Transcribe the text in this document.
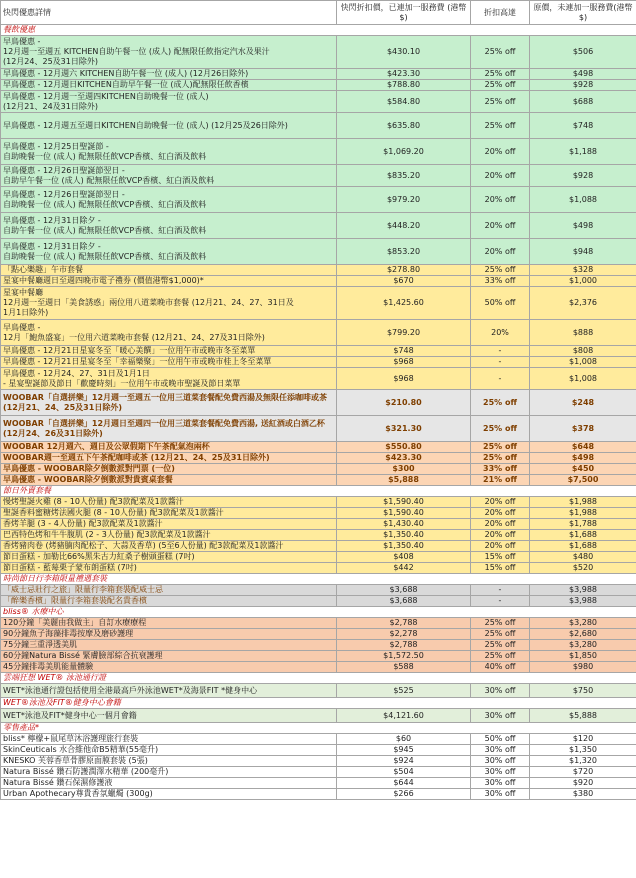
快閃優惠詳情	快閃折扣價，已連加一服務費 (港幣$)	折扣高達	原價，未連加一服務費(港幣$)
餐飲優惠			
早鳥優惠 -
12月週一至週五 KITCHEN自助午餐一位 (成人) 配無限任飲指定汽水及果汁
(12月24、25及31日除外)	$430.10	25% off	$506
早鳥優惠 - 12月週六 KITCHEN自助午餐一位 (成人) (12月26日除外)	$423.30	25% off	$498
早鳥優惠 - 12月週日KITCHEN自助早午餐一位 (成人)配無限任飲香檳	$788.80	25% off	$928
早鳥優惠 - 12月週一至週四KITCHEN自助晚餐一位 (成人)
(12月21、24及31日除外)	$584.80	25% off	$688
早鳥優惠 - 12月週五至週日KITCHEN自助晚餐一位 (成人) (12月25及26日除外)	$635.80	25% off	$748
早鳥優惠 - 12月25日聖誕節 -
自助晚餐一位 (成人) 配無限任飲VCP香檳、紅白酒及飲料	$1,069.20	20% off	$1,188
早鳥優惠 - 12月26日聖誕節翌日 -
自助早午餐一位 (成人) 配無限任飲VCP香檳、紅白酒及飲料	$835.20	20% off	$928
早鳥優惠 - 12月26日聖誕節翌日 -
自助晚餐一位 (成人) 配無限任飲VCP香檳、紅白酒及飲料	$979.20	20% off	$1,088
早鳥優惠 - 12月31日除夕 -
自助午餐一位 (成人) 配無限任飲VCP香檳、紅白酒及飲料	$448.20	20% off	$498
早鳥優惠 - 12月31日除夕 -
自助晚餐一位 (成人) 配無限任飲VCP香檳、紅白酒及飲料	$853.20	20% off	$948
「點心樂趣」午市套餐	$278.80	25% off	$328
星宴中餐廳週日至週四晚市電子禮券 (價值港幣$1,000)*	$670	33% off	$1,000
星宴中餐廳
12月週一至週日「美食誘惑」兩位用八道菜晚市套餐 (12月21、24、27、31日及
1月1日除外)	$1,425.60	50% off	$2,376
早鳥優惠 -
12月「鮑魚盛宴」一位用六道菜晚市套餐 (12月21、24、27及31日除外)	$799.20	20%	$888
早鳥優惠 - 12月21日星宴冬至「暖心美饌」一位用午市或晚市冬至菜單	$748	-	$808
早鳥優惠 - 12月21日星宴冬至「幸福樂聚」一位用午市或晚市桂上冬至菜單	$968	-	$1,008
早鳥優惠 - 12月24、27、31日及1月1日
- 星宴聖誕節及節日「歡慶時刻」一位用午市或晚市聖誕及節日菜單	$968	-	$1,008
WOOBAR「自選拼樂」12月週一至週五一位用三道菜套餐配免費西湯及無限任添咖啡或茶 (12月21、24、25及31日除外)	$210.80	25% off	$248
WOOBAR「自選拼樂」12月週日至週四一位用三道菜套餐配免費西湯, 送紅酒或白酒乙杯 (12月24、26及31日除外)	$321.30	25% off	$378
WOOBAR 12月週六、週日及公眾假期下午茶配氣泡兩杯	$550.80	25% off	$648
WOOBAR週一至週五下午茶配咖啡或茶 (12月21、24、25及31日除外)	$423.30	25% off	$498
早鳥優惠 - WOOBAR除夕倒數派對門票 (一位)	$300	33% off	$450
早鳥優惠 - WOOBAR除夕倒數派對貴賓桌套餐	$5,888	21% off	$7,500
節日外賣套餐			
慢烤聖誕火雞 (8 - 10人份量) 配3款配菜及1款醬汁	$1,590.40	20% off	$1,988
聖誕香料蜜糖烤法國火腿 (8 - 10人份量) 配3款配菜及1款醬汁	$1,590.40	20% off	$1,988
香烤羊腿 (3 - 4人份量) 配3款配菜及1款醬汁	$1,430.40	20% off	$1,788
巴西特色烤和牛牛腹肌 (2 - 3人份量) 配3款配菜及1款醬汁	$1,350.40	20% off	$1,688
香烤豬肉卷 (烤豬腩肉配松子、大蒜及香草) (5至6人份量) 配3款配菜及1款醬汁	$1,350.40	20% off	$1,688
節日蛋糕 - 加勒比66%黑朱古力紅桑子樹頭蛋糕 (7吋)	$408	15% off	$480
節日蛋糕 - 藍莓栗子蒙布朗蛋糕 (7吋)	$442	15% off	$520
時尚節日行李箱限量禮遇套裝			
「威士忌壯行之旅」限量行李箱套裝配威士忌	$3,688	-	$3,988
「醉樂香檳」限量行李箱套裝配名貴香檳	$3,688	-	$3,988
bliss® 水療中心			
120分鐘「美麗由我做主」自訂水療療程	$2,788	25% off	$3,280
90分鐘魚子海藻排毒按摩及磨砂護理	$2,278	25% off	$2,680
75分鐘三重淨透美肌	$2,788	25% off	$3,280
60分鐘Natura Bissé 緊膚臉部綜合抗衰護理	$1,572.50	25% off	$1,850
45分鐘排毒美肌能量體驗	$588	40% off	$980
雲端狂想 WET® 泳池通行證			
WET*泳池通行證包括使用全港最高戶外泳池WET*及海景FIT *健身中心	$525	30% off	$750
WET®泳池及FIT®健身中心會籍			
WET*泳池及FIT*健身中心一個月會籍	$4,121.60	30% off	$5,888
零售產品*			
bliss* 檸檬+鼠尾草沐浴護理旅行套裝	$60	50% off	$120
SkinCeuticals 水合維他命B5精華(55毫升)	$945	30% off	$1,350
KNESKO 芙蓉香草骨膠原面膜套裝 (5張)	$924	30% off	$1,320
Natura Bissé 鑽石防護潤澤水精華 (200毫升)	$504	30% off	$720
Natura Bissé 鑽石保濕修護液	$644	30% off	$920
Urban Apothecary尊貴香氛蠟燭 (300g)	$266	30% off	$380
